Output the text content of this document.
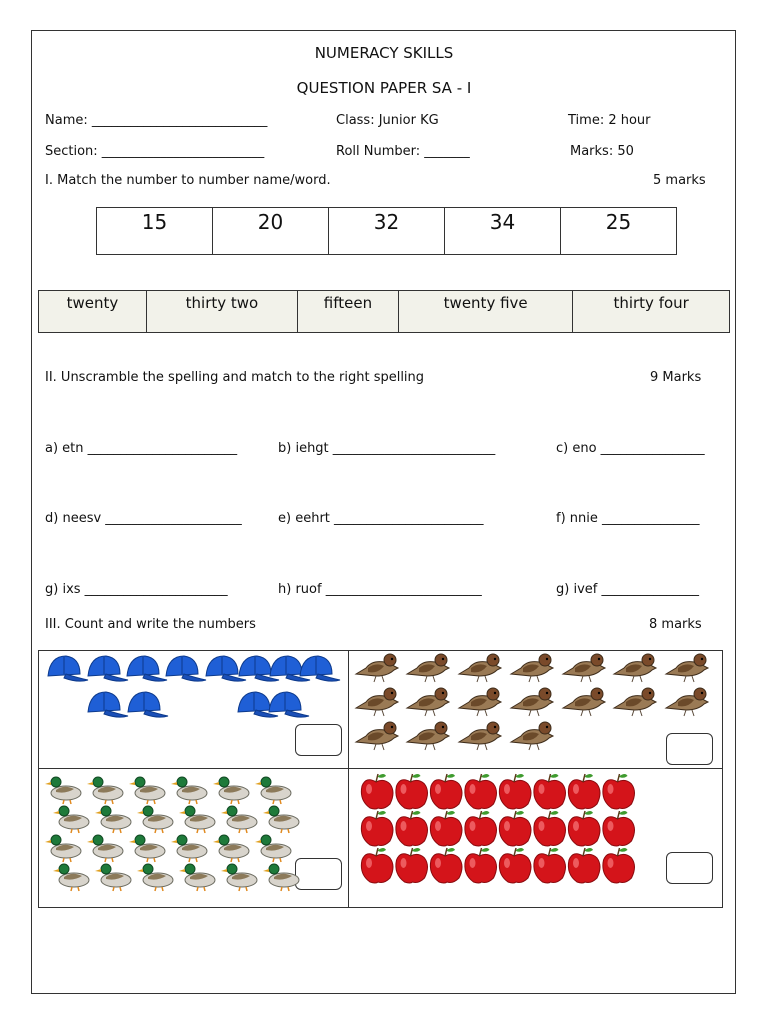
NUMERACY SKILLS
QUESTION PAPER SA - I
Name: ___________________________	Class: Junior KG	Time: 2 hour
Section: _________________________	Roll Number: _______	Marks: 50
I. Match the number to number name/word.	5 marks
15	20	32	34	25
twenty	thirty two	fifteen	twenty five	thirty four
II. Unscramble the spelling and match to the right spelling	9 Marks
a) etn _______________________	b) iehgt _________________________	c) eno ________________
d) neesv _____________________	e) eehrt _______________________	f) nnie _______________
g) ixs ______________________	h) ruof ________________________	g) ivef _______________
III. Count and write the numbers	8 marks
